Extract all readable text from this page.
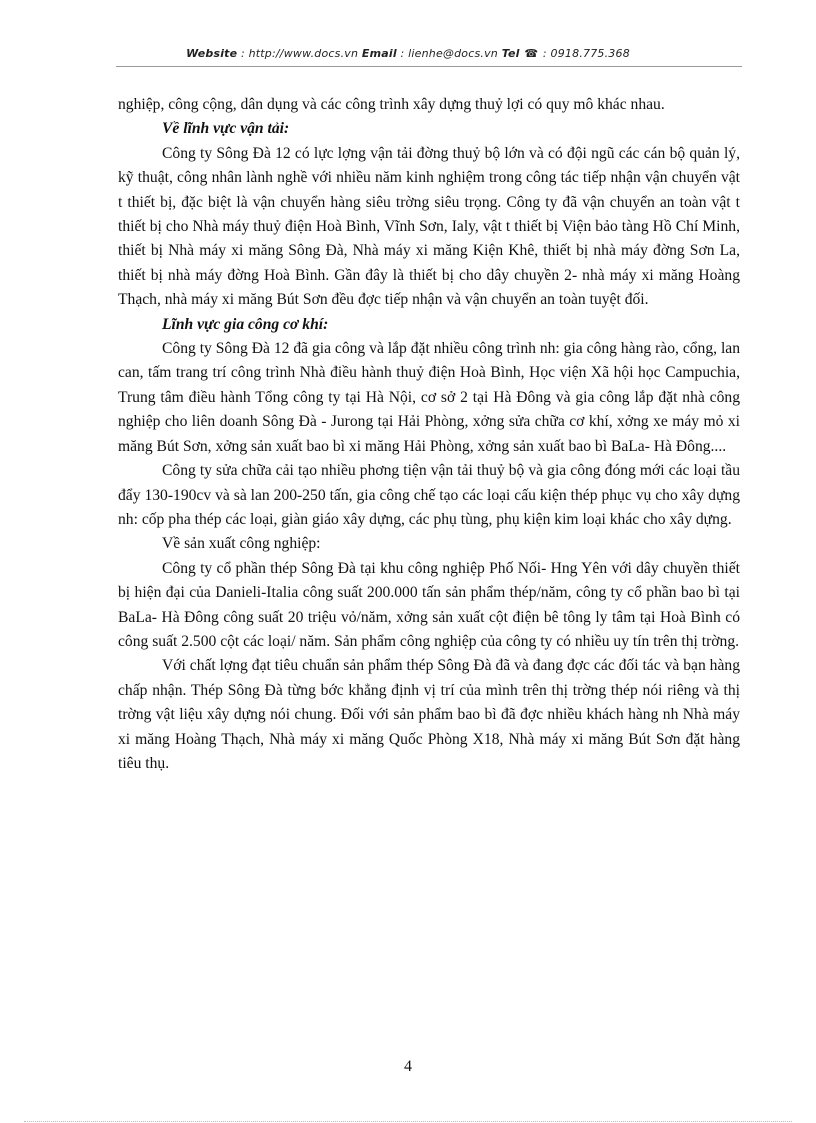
Website : http://www.docs.vn Email : lienhe@docs.vn Tel ☎ : 0918.775.368

nghiệp, công cộng, dân dụng và các công trình xây dựng thuỷ lợi có quy mô khác nhau.

Về lĩnh vực vận tải:

Công ty Sông Đà 12 có lực lợng vận tải đờng thuỷ bộ lớn và có đội ngũ các cán bộ quản lý, kỹ thuật, công nhân lành nghề với nhiều năm kinh nghiệm trong công tác tiếp nhận vận chuyển vật t thiết bị, đặc biệt là vận chuyển hàng siêu trờng siêu trọng. Công ty đã vận chuyển an toàn vật t thiết bị cho Nhà máy thuỷ điện Hoà Bình, Vĩnh Sơn, Ialy, vật t thiết bị Viện bảo tàng Hồ Chí Minh, thiết bị Nhà máy xi măng Sông Đà, Nhà máy xi măng Kiện Khê, thiết bị nhà máy đờng Sơn La, thiết bị nhà máy đờng Hoà Bình. Gần đây là thiết bị cho dây chuyền 2- nhà máy xi măng Hoàng Thạch, nhà máy xi măng Bút Sơn đều đợc tiếp nhận và vận chuyển an toàn tuyệt đối.

Lĩnh vực gia công cơ khí:

Công ty Sông Đà 12 đã gia công và lắp đặt nhiều công trình nh: gia công hàng rào, cổng, lan can, tấm trang trí công trình Nhà điều hành thuỷ điện Hoà Bình, Học viện Xã hội học Campuchia, Trung tâm điều hành Tổng công ty tại Hà Nội, cơ sở 2 tại Hà Đông và gia công lắp đặt nhà công nghiệp cho liên doanh Sông Đà - Jurong tại Hải Phòng, xởng sửa chữa cơ khí, xởng xe máy mỏ xi măng Bút Sơn, xởng sản xuất bao bì xi măng Hải Phòng, xởng sản xuất bao bì BaLa- Hà Đông....

Công ty sửa chữa cải tạo nhiều phơng tiện vận tải thuỷ bộ và gia công đóng mới các loại tầu đẩy 130-190cv và sà lan 200-250 tấn, gia công chế tạo các loại cấu kiện thép phục vụ cho xây dựng nh: cốp pha thép các loại, giàn giáo xây dựng, các phụ tùng, phụ kiện kim loại khác cho xây dựng.

Về sản xuất công nghiệp:

Công ty cổ phần thép Sông Đà tại khu công nghiệp Phố Nối- Hng Yên với dây chuyền thiết bị hiện đại của Danieli-Italia công suất 200.000 tấn sản phẩm thép/năm, công ty cổ phần bao bì tại BaLa- Hà Đông công suất 20 triệu vỏ/năm, xởng sản xuất cột điện bê tông ly tâm tại Hoà Bình có công suất 2.500 cột các loại/ năm. Sản phẩm công nghiệp của công ty có nhiều uy tín trên thị trờng.

Với chất lợng đạt tiêu chuẩn sản phẩm thép Sông Đà đã và đang đợc các đối tác và bạn hàng chấp nhận. Thép Sông Đà từng bớc khẳng định vị trí của mình trên thị trờng thép nói riêng và thị trờng vật liệu xây dựng nói chung. Đối với sản phẩm bao bì đã đợc nhiều khách hàng nh Nhà máy xi măng Hoàng Thạch, Nhà máy xi măng Quốc Phòng X18, Nhà máy xi măng Bút Sơn đặt hàng tiêu thụ.

4
